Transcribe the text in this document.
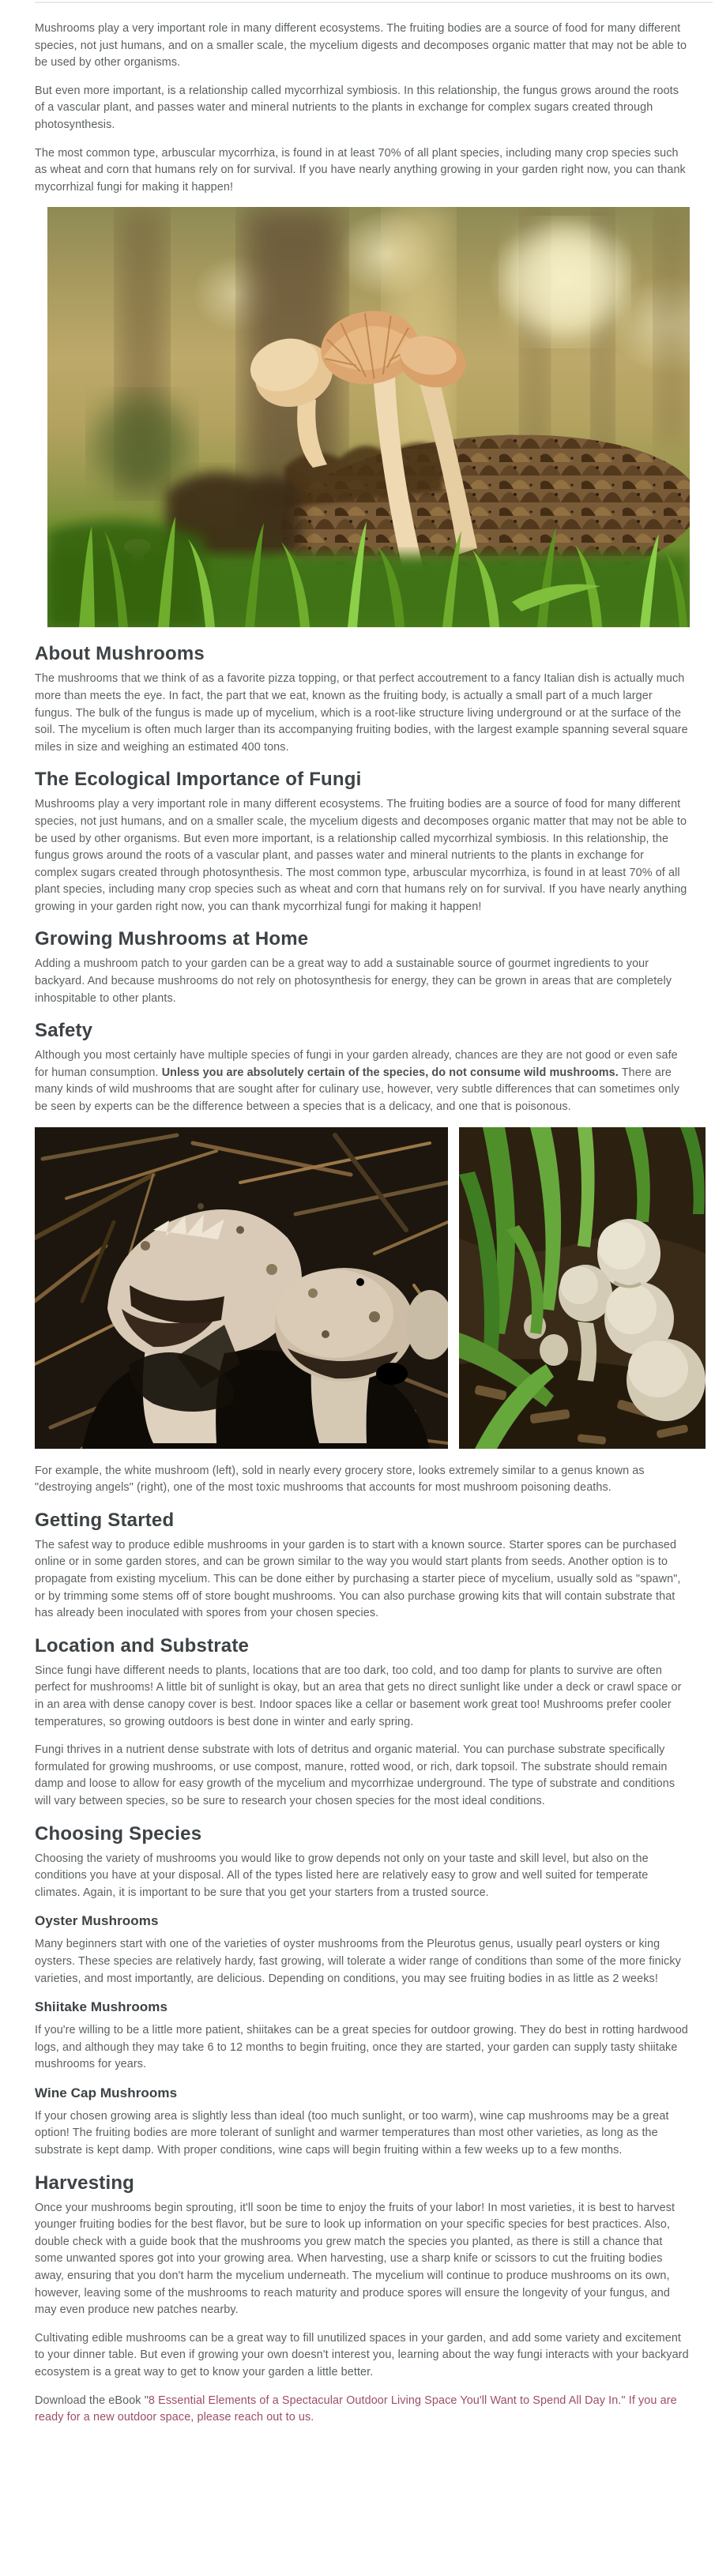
Mushrooms play a very important role in many different ecosystems. The fruiting bodies are a source of food for many different species, not just humans, and on a smaller scale, the mycelium digests and decomposes organic matter that may not be able to be used by other organisms.

But even more important, is a relationship called mycorrhizal symbiosis. In this relationship, the fungus grows around the roots of a vascular plant, and passes water and mineral nutrients to the plants in exchange for complex sugars created through photosynthesis.

The most common type, arbuscular mycorrhiza, is found in at least 70% of all plant species, including many crop species such as wheat and corn that humans rely on for survival. If you have nearly anything growing in your garden right now, you can thank mycorrhizal fungi for making it happen!

About Mushrooms

The mushrooms that we think of as a favorite pizza topping, or that perfect accoutrement to a fancy Italian dish is actually much more than meets the eye. In fact, the part that we eat, known as the fruiting body, is actually a small part of a much larger fungus. The bulk of the fungus is made up of mycelium, which is a root-like structure living underground or at the surface of the soil. The mycelium is often much larger than its accompanying fruiting bodies, with the largest example spanning several square miles in size and weighing an estimated 400 tons.

The Ecological Importance of Fungi

Mushrooms play a very important role in many different ecosystems. The fruiting bodies are a source of food for many different species, not just humans, and on a smaller scale, the mycelium digests and decomposes organic matter that may not be able to be used by other organisms. But even more important, is a relationship called mycorrhizal symbiosis. In this relationship, the fungus grows around the roots of a vascular plant, and passes water and mineral nutrients to the plants in exchange for complex sugars created through photosynthesis. The most common type, arbuscular mycorrhiza, is found in at least 70% of all plant species, including many crop species such as wheat and corn that humans rely on for survival. If you have nearly anything growing in your garden right now, you can thank mycorrhizal fungi for making it happen!

Growing Mushrooms at Home

Adding a mushroom patch to your garden can be a great way to add a sustainable source of gourmet ingredients to your backyard. And because mushrooms do not rely on photosynthesis for energy, they can be grown in areas that are completely inhospitable to other plants.

Safety

Although you most certainly have multiple species of fungi in your garden already, chances are they are not good or even safe for human consumption. Unless you are absolutely certain of the species, do not consume wild mushrooms. There are many kinds of wild mushrooms that are sought after for culinary use, however, very subtle differences that can sometimes only be seen by experts can be the difference between a species that is a delicacy, and one that is poisonous.

For example, the white mushroom (left), sold in nearly every grocery store, looks extremely similar to a genus known as "destroying angels" (right), one of the most toxic mushrooms that accounts for most mushroom poisoning deaths.

Getting Started

The safest way to produce edible mushrooms in your garden is to start with a known source. Starter spores can be purchased online or in some garden stores, and can be grown similar to the way you would start plants from seeds. Another option is to propagate from existing mycelium. This can be done either by purchasing a starter piece of mycelium, usually sold as "spawn", or by trimming some stems off of store bought mushrooms. You can also purchase growing kits that will contain substrate that has already been inoculated with spores from your chosen species.

Location and Substrate

Since fungi have different needs to plants, locations that are too dark, too cold, and too damp for plants to survive are often perfect for mushrooms! A little bit of sunlight is okay, but an area that gets no direct sunlight like under a deck or crawl space or in an area with dense canopy cover is best. Indoor spaces like a cellar or basement work great too! Mushrooms prefer cooler temperatures, so growing outdoors is best done in winter and early spring.

Fungi thrives in a nutrient dense substrate with lots of detritus and organic material. You can purchase substrate specifically formulated for growing mushrooms, or use compost, manure, rotted wood, or rich, dark topsoil. The substrate should remain damp and loose to allow for easy growth of the mycelium and mycorrhizae underground. The type of substrate and conditions will vary between species, so be sure to research your chosen species for the most ideal conditions.

Choosing Species

Choosing the variety of mushrooms you would like to grow depends not only on your taste and skill level, but also on the conditions you have at your disposal. All of the types listed here are relatively easy to grow and well suited for temperate climates. Again, it is important to be sure that you get your starters from a trusted source.

Oyster Mushrooms

Many beginners start with one of the varieties of oyster mushrooms from the Pleurotus genus, usually pearl oysters or king oysters. These species are relatively hardy, fast growing, will tolerate a wider range of conditions than some of the more finicky varieties, and most importantly, are delicious. Depending on conditions, you may see fruiting bodies in as little as 2 weeks!

Shiitake Mushrooms

If you're willing to be a little more patient, shiitakes can be a great species for outdoor growing. They do best in rotting hardwood logs, and although they may take 6 to 12 months to begin fruiting, once they are started, your garden can supply tasty shiitake mushrooms for years.

Wine Cap Mushrooms

If your chosen growing area is slightly less than ideal (too much sunlight, or too warm), wine cap mushrooms may be a great option! The fruiting bodies are more tolerant of sunlight and warmer temperatures than most other varieties, as long as the substrate is kept damp. With proper conditions, wine caps will begin fruiting within a few weeks up to a few months.

Harvesting

Once your mushrooms begin sprouting, it'll soon be time to enjoy the fruits of your labor! In most varieties, it is best to harvest younger fruiting bodies for the best flavor, but be sure to look up information on your specific species for best practices. Also, double check with a guide book that the mushrooms you grew match the species you planted, as there is still a chance that some unwanted spores got into your growing area. When harvesting, use a sharp knife or scissors to cut the fruiting bodies away, ensuring that you don't harm the mycelium underneath. The mycelium will continue to produce mushrooms on its own, however, leaving some of the mushrooms to reach maturity and produce spores will ensure the longevity of your fungus, and may even produce new patches nearby.

Cultivating edible mushrooms can be a great way to fill unutilized spaces in your garden, and add some variety and excitement to your dinner table. But even if growing your own doesn't interest you, learning about the way fungi interacts with your backyard ecosystem is a great way to get to know your garden a little better.

Download the eBook "8 Essential Elements of a Spectacular Outdoor Living Space You'll Want to Spend All Day In." If you are ready for a new outdoor space, please reach out to us.
